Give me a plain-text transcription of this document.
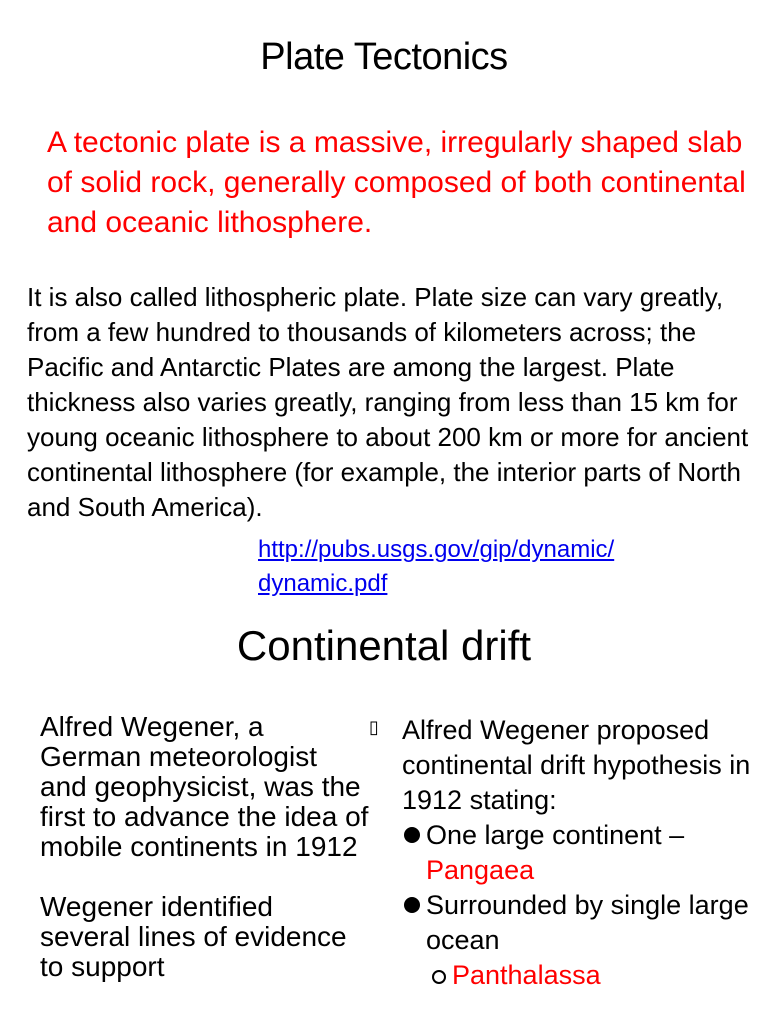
Plate Tectonics
A tectonic plate is a massive, irregularly shaped slab of solid rock, generally composed of both continental and oceanic lithosphere.
It is also called lithospheric plate. Plate size can vary greatly, from a few hundred to thousands of kilometers across; the Pacific and Antarctic Plates are among the largest. Plate thickness also varies greatly, ranging from less than 15 km for young oceanic lithosphere to about 200 km or more for ancient continental lithosphere (for example, the interior parts of North and South America).
http://pubs.usgs.gov/gip/dynamic/ dynamic.pdf
Continental drift

Alfred Wegener, a German meteorologist and geophysicist, was the first to advance the idea of mobile continents in 1912

Wegener identified several lines of evidence to support

▯ Alfred Wegener proposed continental drift hypothesis in 1912 stating:
One large continent –
Pangaea
Surrounded by single large ocean
Panthalassa
